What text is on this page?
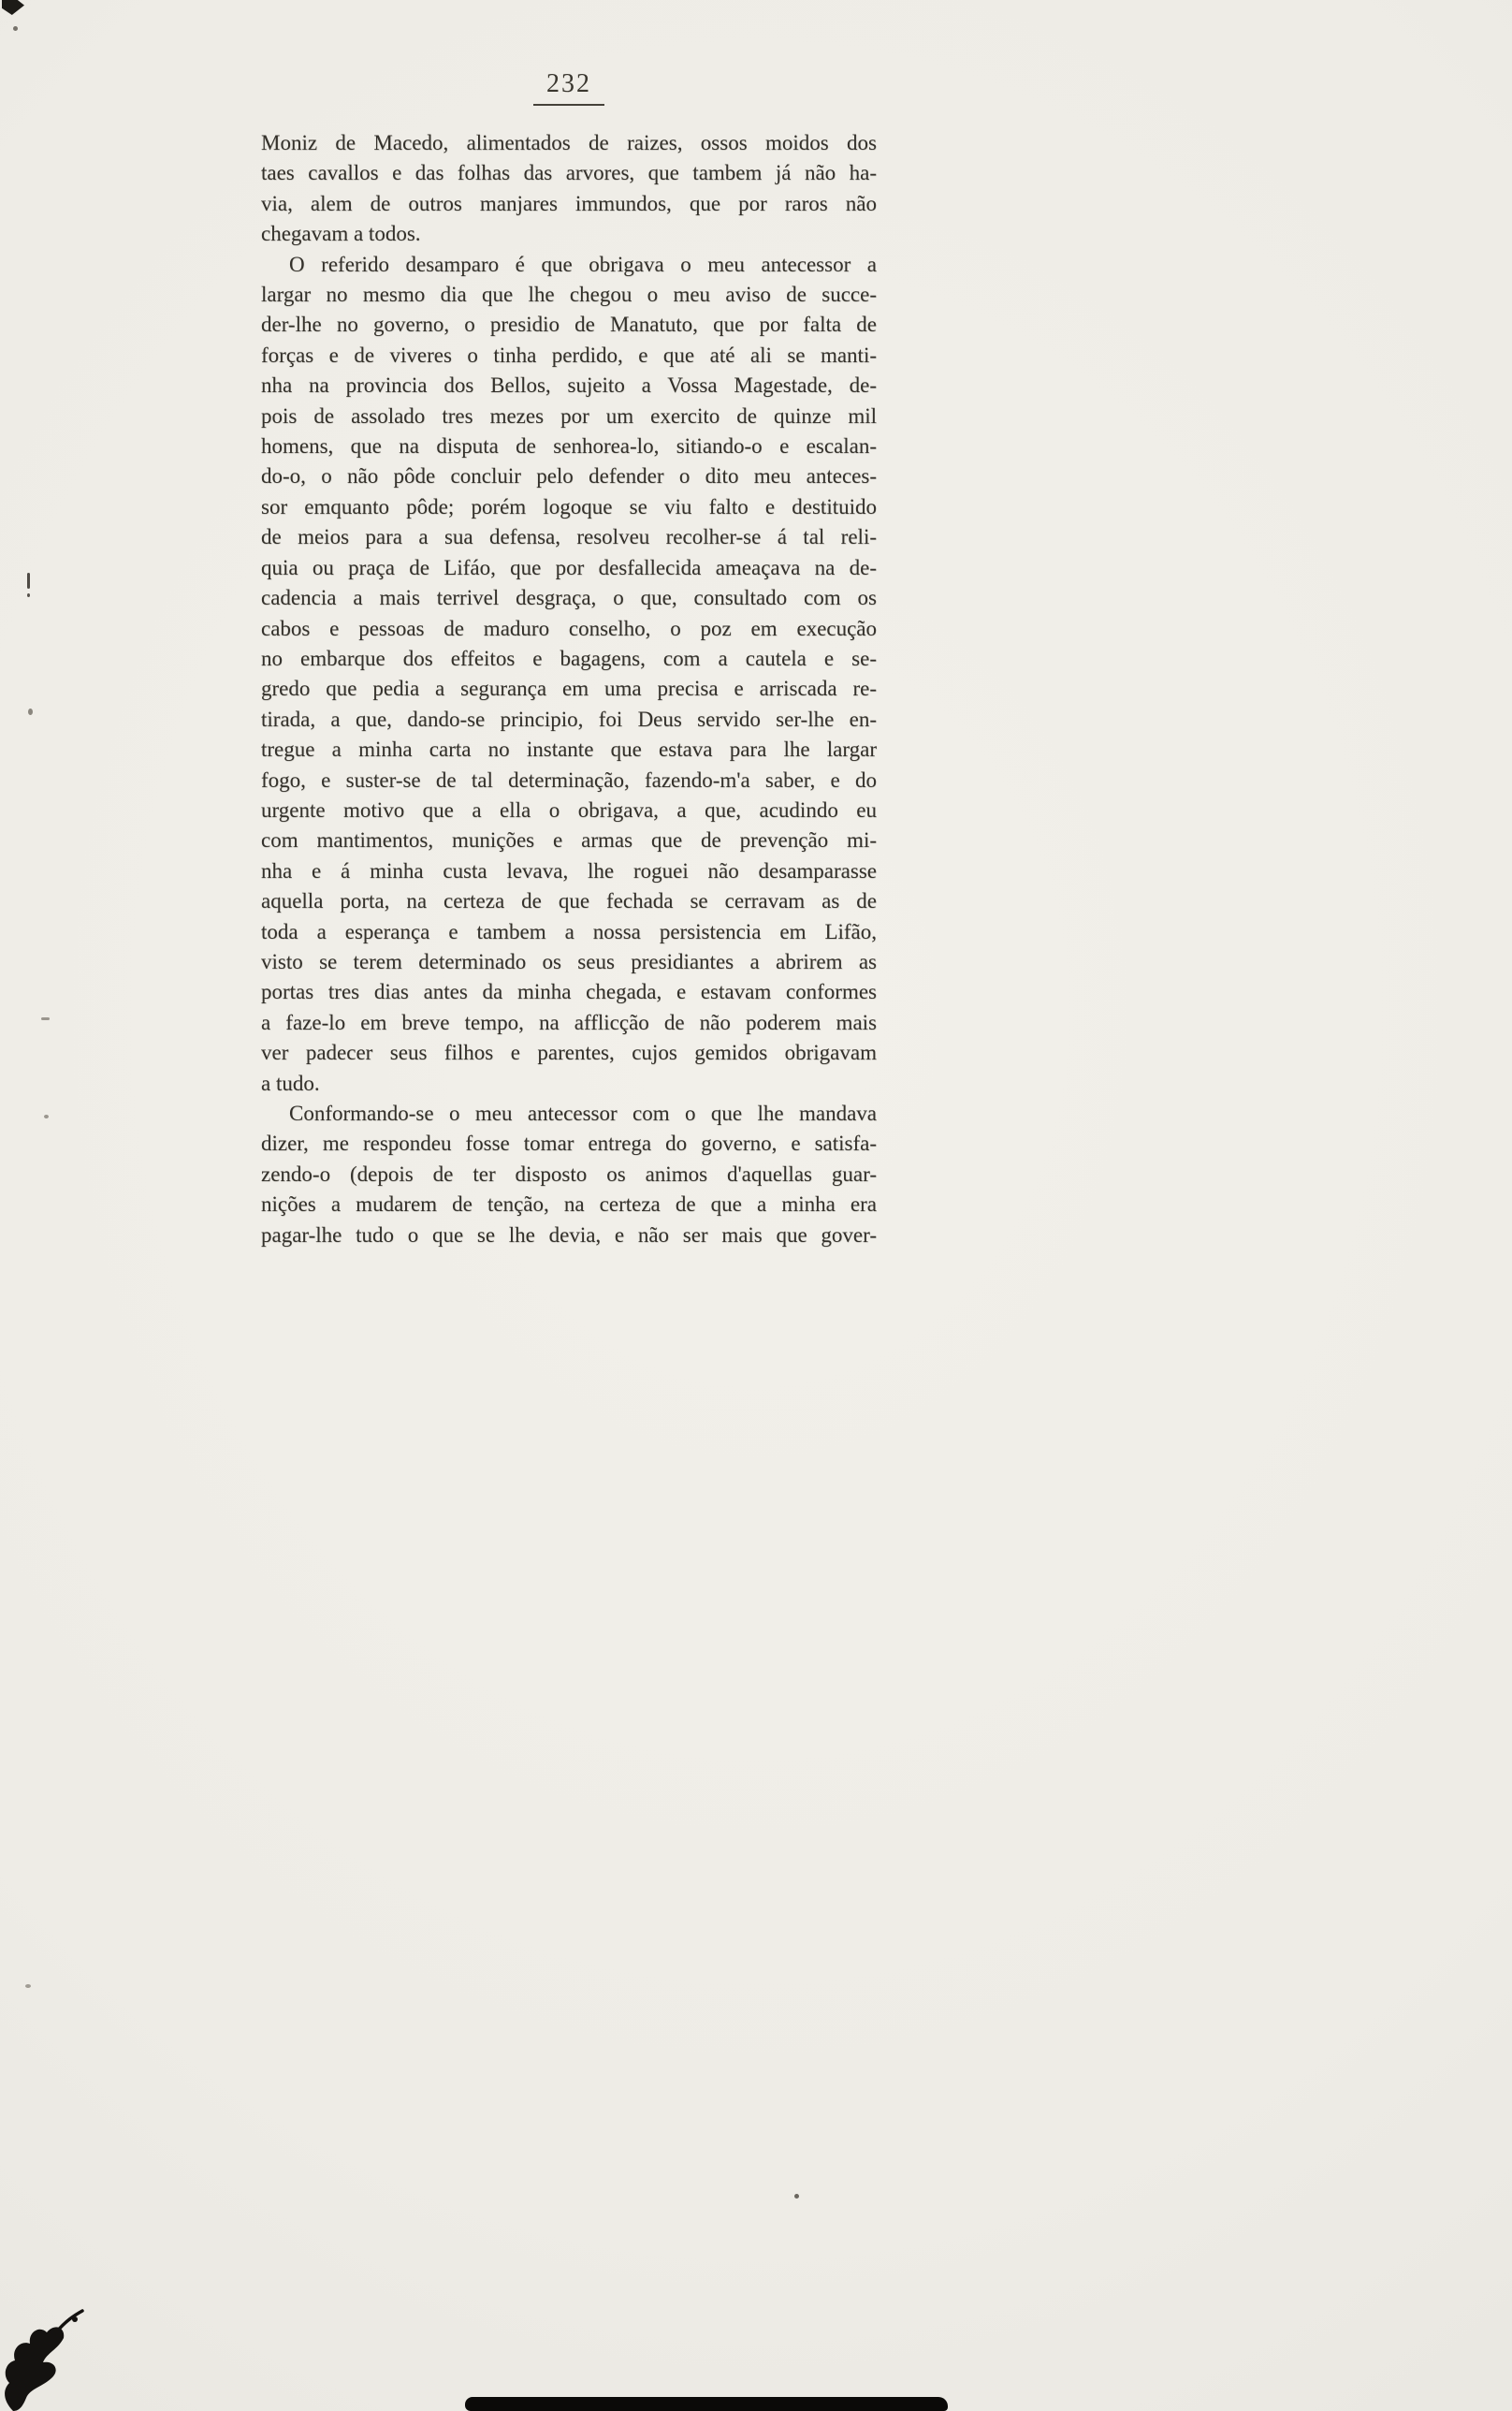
232
Moniz de Macedo, alimentados de raizes, ossos moidos dos
taes cavallos e das folhas das arvores, que tambem já não ha-
via, alem de outros manjares immundos, que por raros não
chegavam a todos.
O referido desamparo é que obrigava o meu antecessor a
largar no mesmo dia que lhe chegou o meu aviso de succe-
der-lhe no governo, o presidio de Manatuto, que por falta de
forças e de viveres o tinha perdido, e que até ali se manti-
nha na provincia dos Bellos, sujeito a Vossa Magestade, de-
pois de assolado tres mezes por um exercito de quinze mil
homens, que na disputa de senhorea-lo, sitiando-o e escalan-
do-o, o não pôde concluir pelo defender o dito meu anteces-
sor emquanto pôde; porém logoque se viu falto e destituido
de meios para a sua defensa, resolveu recolher-se á tal reli-
quia ou praça de Lifáo, que por desfallecida ameaçava na de-
cadencia a mais terrivel desgraça, o que, consultado com os
cabos e pessoas de maduro conselho, o poz em execução
no embarque dos effeitos e bagagens, com a cautela e se-
gredo que pedia a segurança em uma precisa e arriscada re-
tirada, a que, dando-se principio, foi Deus servido ser-lhe en-
tregue a minha carta no instante que estava para lhe largar
fogo, e suster-se de tal determinação, fazendo-m'a saber, e do
urgente motivo que a ella o obrigava, a que, acudindo eu
com mantimentos, munições e armas que de prevenção mi-
nha e á minha custa levava, lhe roguei não desamparasse
aquella porta, na certeza de que fechada se cerravam as de
toda a esperança e tambem a nossa persistencia em Lifão,
visto se terem determinado os seus presidiantes a abrirem as
portas tres dias antes da minha chegada, e estavam conformes
a faze-lo em breve tempo, na afflicção de não poderem mais
ver padecer seus filhos e parentes, cujos gemidos obrigavam
a tudo.
Conformando-se o meu antecessor com o que lhe mandava
dizer, me respondeu fosse tomar entrega do governo, e satisfa-
zendo-o (depois de ter disposto os animos d'aquellas guar-
nições a mudarem de tenção, na certeza de que a minha era
pagar-lhe tudo o que se lhe devia, e não ser mais que gover-
